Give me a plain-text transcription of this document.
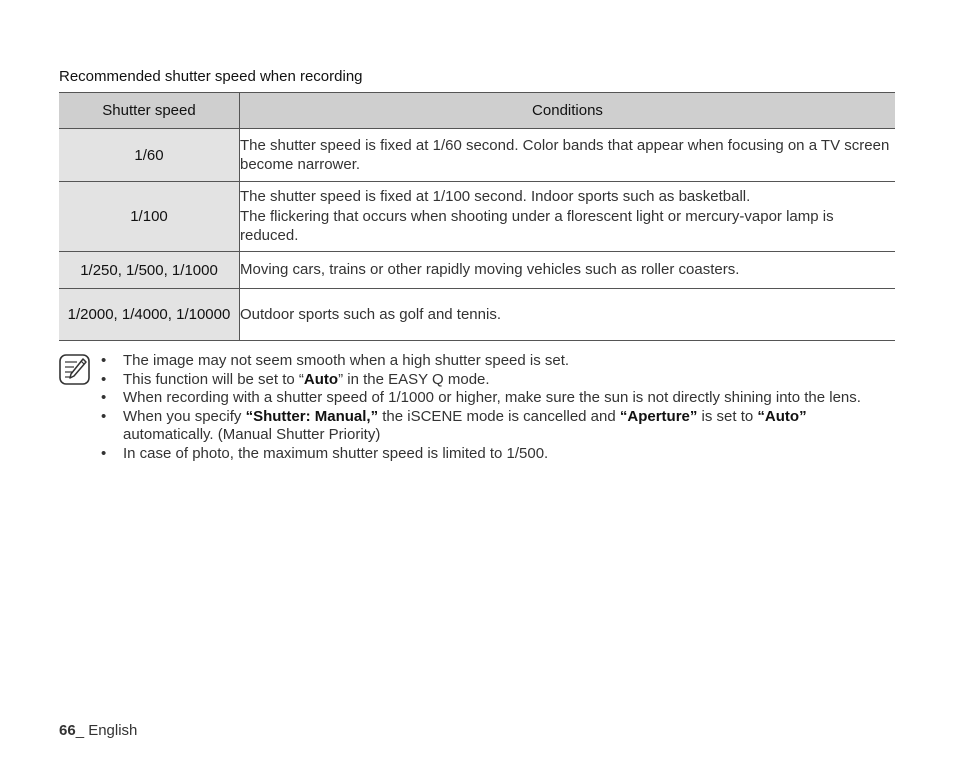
Recommended shutter speed when recording
Shutter speed	Conditions
1/60	The shutter speed is fixed at 1/60 second. Color bands that appear when focusing on a TV screen become narrower.

1/100	The shutter speed is fixed at 1/100 second. Indoor sports such as basketball.
The flickering that occurs when shooting under a florescent light or mercury-vapor lamp is reduced.

1/250, 1/500, 1/1000	Moving cars, trains or other rapidly moving vehicles such as roller coasters.

1/2000, 1/4000, 1/10000	Outdoor sports such as golf and tennis.
• The image may not seem smooth when a high shutter speed is set.
• This function will be set to “Auto” in the EASY Q mode.
• When recording with a shutter speed of 1/1000 or higher, make sure the sun is not directly shining into the lens.
• When you specify “Shutter: Manual,” the iSCENE mode is cancelled and “Aperture” is set to “Auto” automatically. (Manual Shutter Priority)
• In case of photo, the maximum shutter speed is limited to 1/500.
66_ English
